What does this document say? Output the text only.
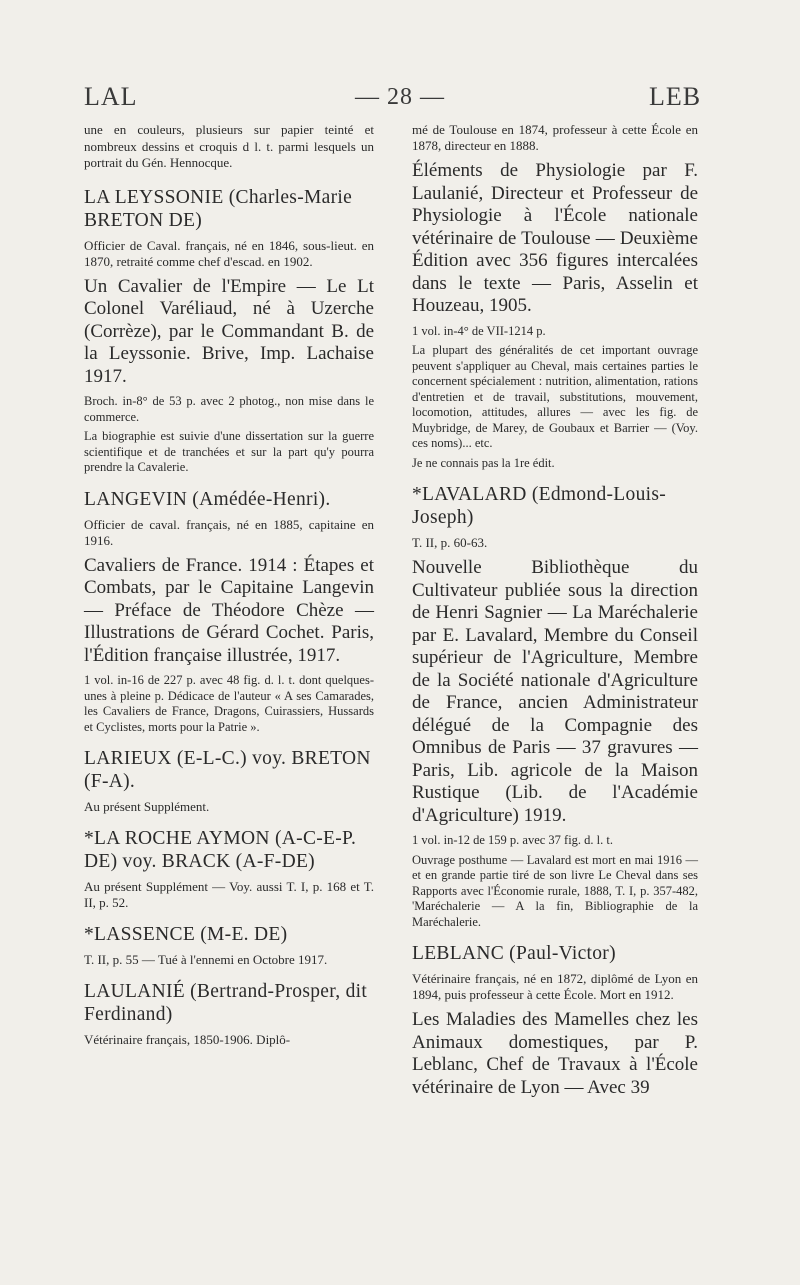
LAL	— 28 —	LEB

une en couleurs, plusieurs sur papier teinté et nombreux dessins et croquis d l. t. parmi lesquels un portrait du Gén. Hennocque.

LA LEYSSONIE (Charles-Marie BRETON DE)

Officier de Caval. français, né en 1846, sous-lieut. en 1870, retraité comme chef d'escad. en 1902.

Un Cavalier de l'Empire — Le Lt Colonel Varéliaud, né à Uzerche (Corrèze), par le Commandant B. de la Leyssonie. Brive, Imp. Lachaise 1917.

Broch. in-8° de 53 p. avec 2 photog., non mise dans le commerce.

La biographie est suivie d'une dissertation sur la guerre scientifique et de tranchées et sur la part qu'y pourra prendre la Cavalerie.

LANGEVIN (Amédée-Henri).

Officier de caval. français, né en 1885, capitaine en 1916.

Cavaliers de France. 1914 : Étapes et Combats, par le Capitaine Langevin — Préface de Théodore Chèze — Illustrations de Gérard Cochet. Paris, l'Édition française illustrée, 1917.

1 vol. in-16 de 227 p. avec 48 fig. d. l. t. dont quelques-unes à pleine p. Dédicace de l'auteur « A ses Camarades, les Cavaliers de France, Dragons, Cuirassiers, Hussards et Cyclistes, morts pour la Patrie ».

LARIEUX (E-L-C.) voy. BRETON (F-A).

Au présent Supplément.

*LA ROCHE AYMON (A-C-E-P. DE) voy. BRACK (A-F-DE)

Au présent Supplément — Voy. aussi T. I, p. 168 et T. II, p. 52.

*LASSENCE (M-E. DE)

T. II, p. 55 — Tué à l'ennemi en Octobre 1917.

LAULANIÉ (Bertrand-Prosper, dit Ferdinand)

Vétérinaire français, 1850-1906. Diplô-

mé de Toulouse en 1874, professeur à cette École en 1878, directeur en 1888.

Éléments de Physiologie par F. Laulanié, Directeur et Professeur de Physiologie à l'École nationale vétérinaire de Toulouse — Deuxième Édition avec 356 figures intercalées dans le texte — Paris, Asselin et Houzeau, 1905.

1 vol. in-4° de VII-1214 p.

La plupart des généralités de cet important ouvrage peuvent s'appliquer au Cheval, mais certaines parties le concernent spécialement : nutrition, alimentation, rations d'entretien et de travail, substitutions, mouvement, locomotion, attitudes, allures — avec les fig. de Muybridge, de Marey, de Goubaux et Barrier — (Voy. ces noms)... etc.

Je ne connais pas la 1re édit.

*LAVALARD (Edmond-Louis-Joseph)

T. II, p. 60-63.

Nouvelle Bibliothèque du Cultivateur publiée sous la direction de Henri Sagnier — La Maréchalerie par E. Lavalard, Membre du Conseil supérieur de l'Agriculture, Membre de la Société nationale d'Agriculture de France, ancien Administrateur délégué de la Compagnie des Omnibus de Paris — 37 gravures — Paris, Lib. agricole de la Maison Rustique (Lib. de l'Académie d'Agriculture) 1919.

1 vol. in-12 de 159 p. avec 37 fig. d. l. t.

Ouvrage posthume — Lavalard est mort en mai 1916 — et en grande partie tiré de son livre Le Cheval dans ses Rapports avec l'Économie rurale, 1888, T. I, p. 357-482, 'Maréchalerie — A la fin, Bibliographie de la Maréchalerie.

LEBLANC (Paul-Victor)

Vétérinaire français, né en 1872, diplômé de Lyon en 1894, puis professeur à cette École. Mort en 1912.

Les Maladies des Mamelles chez les Animaux domestiques, par P. Leblanc, Chef de Travaux à l'École vétérinaire de Lyon — Avec 39
